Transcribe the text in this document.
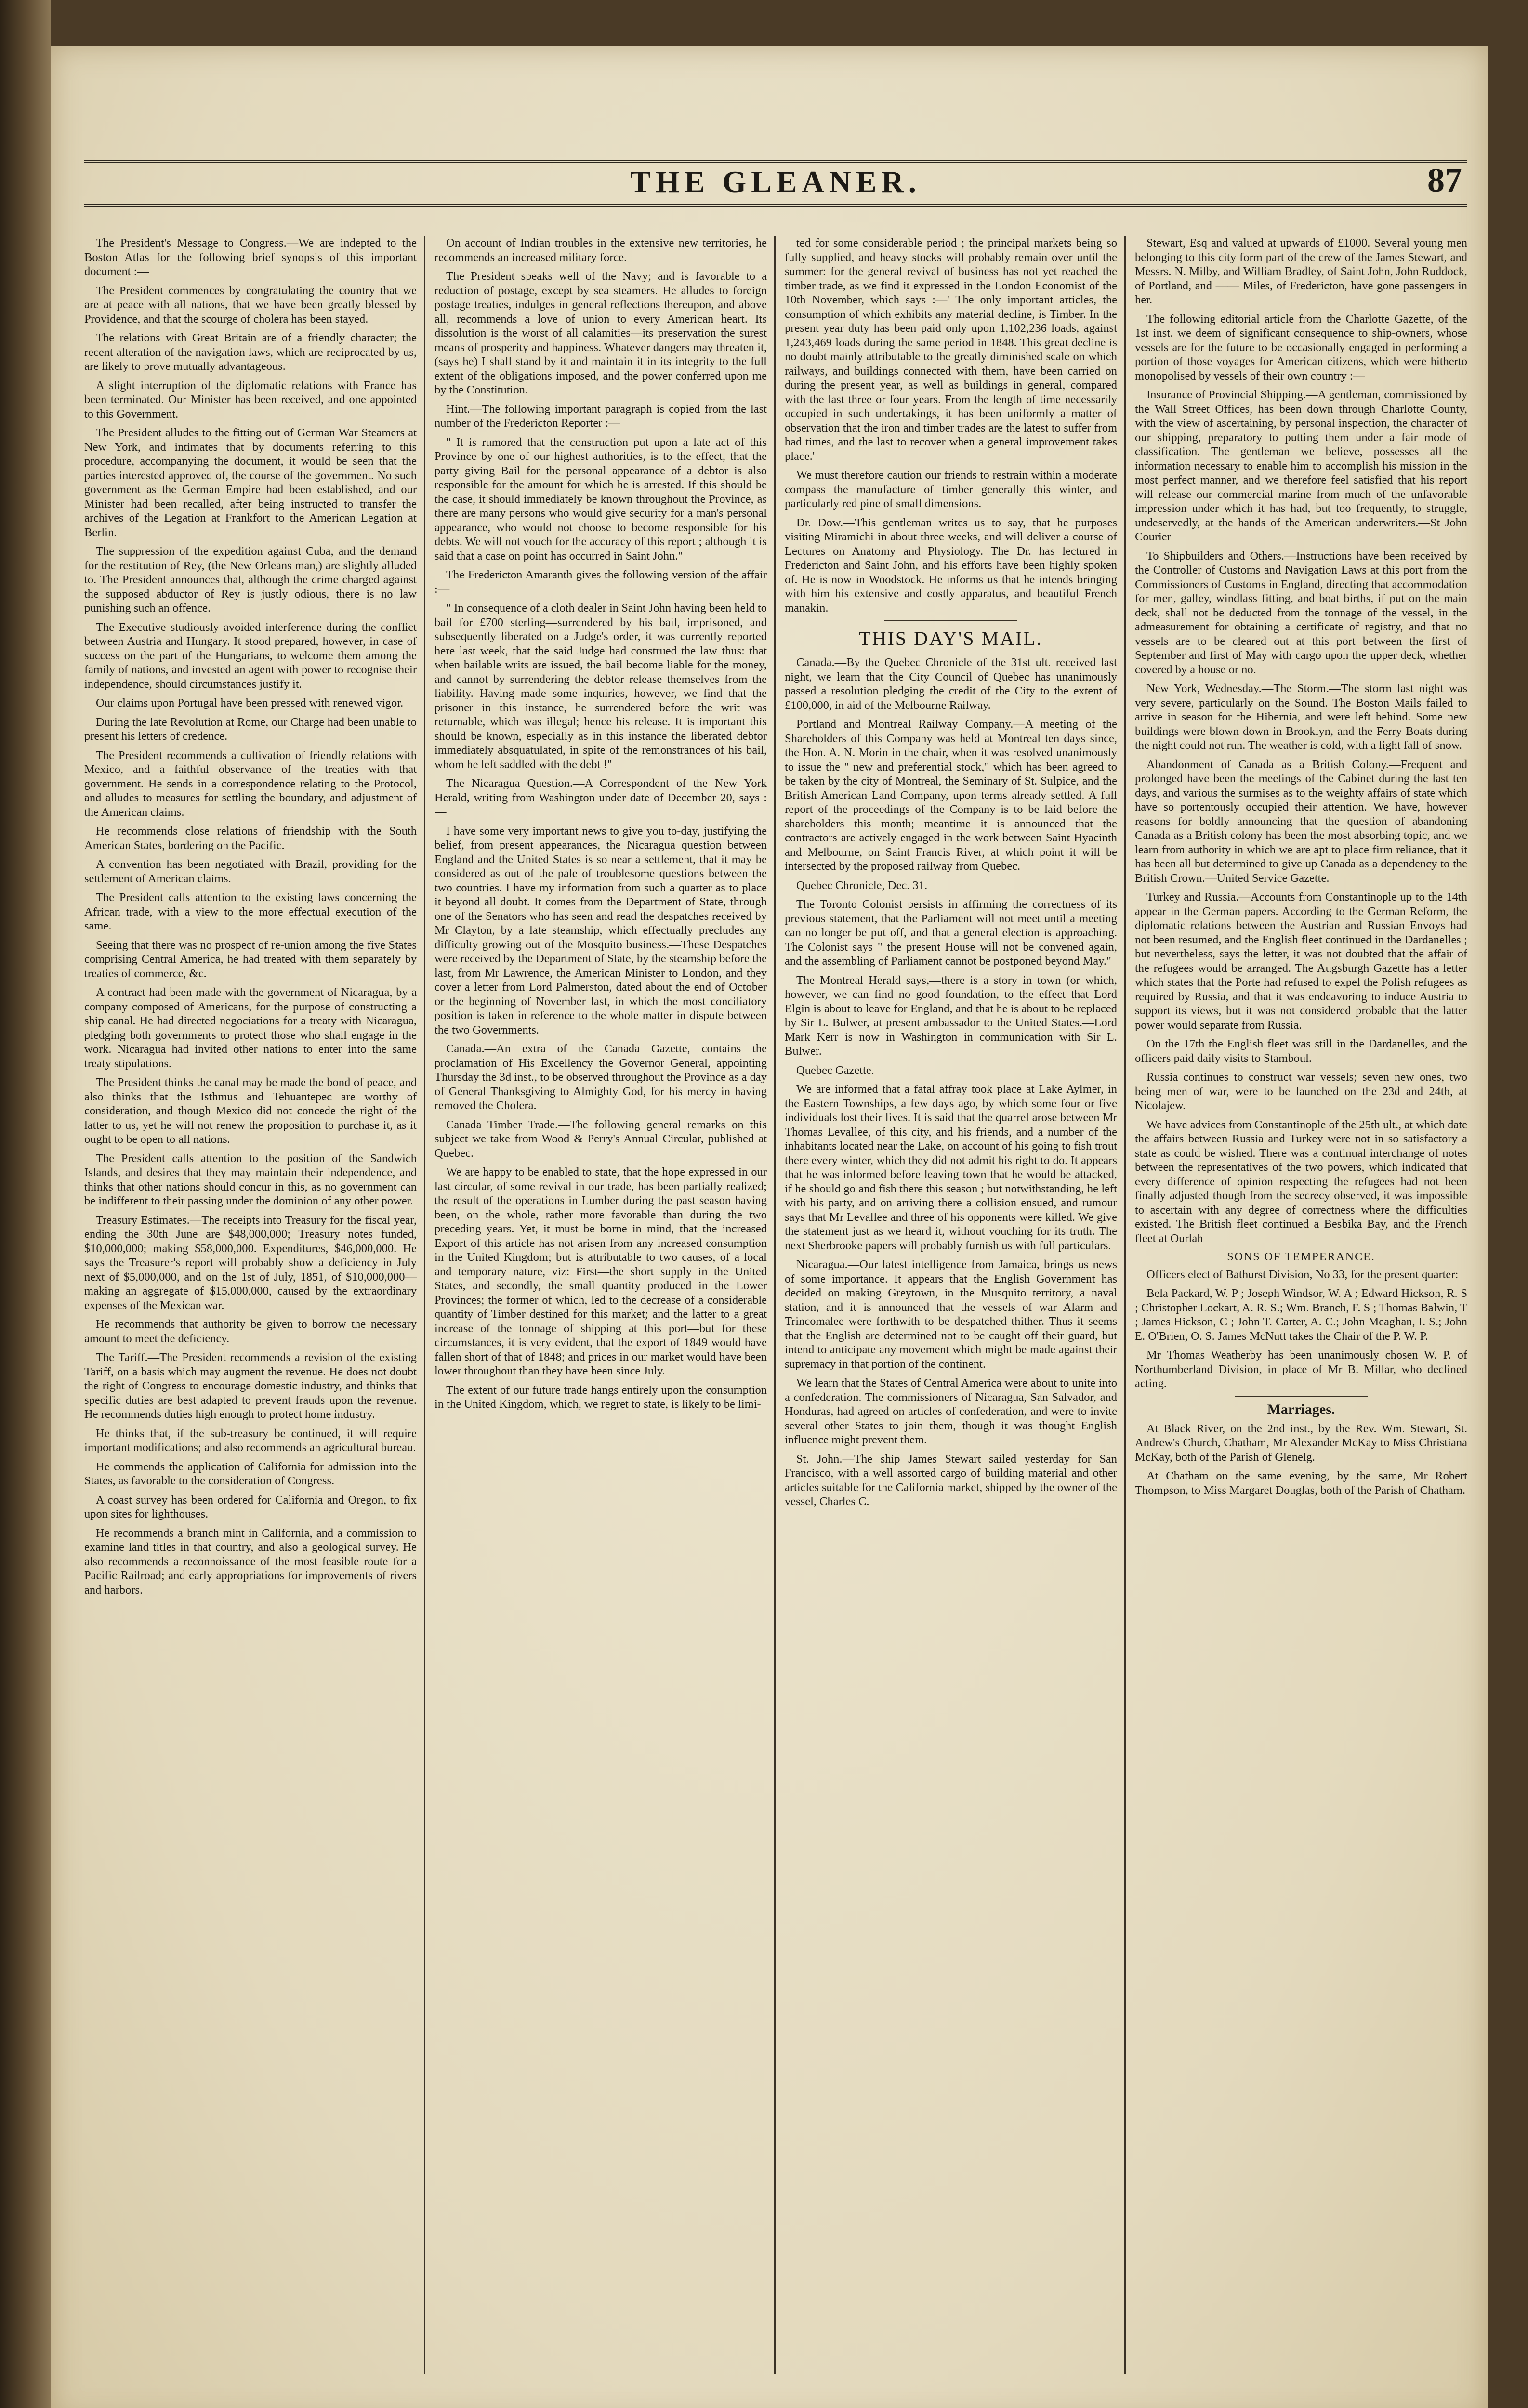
THE GLEANER.	87

The President's Message to Congress.—We are indepted to the Boston Atlas for the following brief synopsis of this important document :—

The President commences by congratulating the country that we are at peace with all nations, that we have been greatly blessed by Providence, and that the scourge of cholera has been stayed.

The relations with Great Britain are of a friendly character; the recent alteration of the navigation laws, which are reciprocated by us, are likely to prove mutually advantageous.

A slight interruption of the diplomatic relations with France has been terminated. Our Minister has been received, and one appointed to this Government.

The President alludes to the fitting out of German War Steamers at New York, and intimates that by documents referring to this procedure, accompanying the document, it would be seen that the parties interested approved of, the course of the government. No such government as the German Empire had been established, and our Minister had been recalled, after being instructed to transfer the archives of the Legation at Frankfort to the American Legation at Berlin.

The suppression of the expedition against Cuba, and the demand for the restitution of Rey, (the New Orleans man,) are slightly alluded to. The President announces that, although the crime charged against the supposed abductor of Rey is justly odious, there is no law punishing such an offence.

The Executive studiously avoided interference during the conflict between Austria and Hungary. It stood prepared, however, in case of success on the part of the Hungarians, to welcome them among the family of nations, and invested an agent with power to recognise their independence, should circumstances justify it.

Our claims upon Portugal have been pressed with renewed vigor.

During the late Revolution at Rome, our Charge had been unable to present his letters of credence.

The President recommends a cultivation of friendly relations with Mexico, and a faithful observance of the treaties with that government. He sends in a correspondence relating to the Protocol, and alludes to measures for settling the boundary, and adjustment of the American claims.

He recommends close relations of friendship with the South American States, bordering on the Pacific.

A convention has been negotiated with Brazil, providing for the settlement of American claims.

The President calls attention to the existing laws concerning the African trade, with a view to the more effectual execution of the same.

Seeing that there was no prospect of re-union among the five States comprising Central America, he had treated with them separately by treaties of commerce, &c.

A contract had been made with the government of Nicaragua, by a company composed of Americans, for the purpose of constructing a ship canal. He had directed negociations for a treaty with Nicaragua, pledging both governments to protect those who shall engage in the work. Nicaragua had invited other nations to enter into the same treaty stipulations.

The President thinks the canal may be made the bond of peace, and also thinks that the Isthmus and Tehuantepec are worthy of consideration, and though Mexico did not concede the right of the latter to us, yet he will not renew the proposition to purchase it, as it ought to be open to all nations.

The President calls attention to the position of the Sandwich Islands, and desires that they may maintain their independence, and thinks that other nations should concur in this, as no government can be indifferent to their passing under the dominion of any other power.

Treasury Estimates.—The receipts into Treasury for the fiscal year, ending the 30th June are $48,000,000; Treasury notes funded, $10,000,000; making $58,000,000. Expenditures, $46,000,000. He says the Treasurer's report will probably show a deficiency in July next of $5,000,000, and on the 1st of July, 1851, of $10,000,000—making an aggregate of $15,000,000, caused by the extraordinary expenses of the Mexican war.

He recommends that authority be given to borrow the necessary amount to meet the deficiency.

The Tariff.—The President recommends a revision of the existing Tariff, on a basis which may augment the revenue. He does not doubt the right of Congress to encourage domestic industry, and thinks that specific duties are best adapted to prevent frauds upon the revenue. He recommends duties high enough to protect home industry.

He thinks that, if the sub-treasury be continued, it will require important modifications; and also recommends an agricultural bureau.

He commends the application of California for admission into the States, as favorable to the consideration of Congress.

A coast survey has been ordered for California and Oregon, to fix upon sites for lighthouses.

He recommends a branch mint in California, and a commission to examine land titles in that country, and also a geological survey. He also recommends a reconnoissance of the most feasible route for a Pacific Railroad; and early appropriations for improvements of rivers and harbors.

On account of Indian troubles in the extensive new territories, he recommends an increased military force.

The President speaks well of the Navy; and is favorable to a reduction of postage, except by sea steamers. He alludes to foreign postage treaties, indulges in general reflections thereupon, and above all, recommends a love of union to every American heart. Its dissolution is the worst of all calamities—its preservation the surest means of prosperity and happiness. Whatever dangers may threaten it, (says he) I shall stand by it and maintain it in its integrity to the full extent of the obligations imposed, and the power conferred upon me by the Constitution.

Hint.—The following important paragraph is copied from the last number of the Fredericton Reporter :—

" It is rumored that the construction put upon a late act of this Province by one of our highest authorities, is to the effect, that the party giving Bail for the personal appearance of a debtor is also responsible for the amount for which he is arrested. If this should be the case, it should immediately be known throughout the Province, as there are many persons who would give security for a man's personal appearance, who would not choose to become responsible for his debts. We will not vouch for the accuracy of this report ; although it is said that a case on point has occurred in Saint John."

The Fredericton Amaranth gives the following version of the affair :—

" In consequence of a cloth dealer in Saint John having been held to bail for £700 sterling—surrendered by his bail, imprisoned, and subsequently liberated on a Judge's order, it was currently reported here last week, that the said Judge had construed the law thus: that when bailable writs are issued, the bail become liable for the money, and cannot by surrendering the debtor release themselves from the liability. Having made some inquiries, however, we find that the prisoner in this instance, he surrendered before the writ was returnable, which was illegal; hence his release. It is important this should be known, especially as in this instance the liberated debtor immediately absquatulated, in spite of the remonstrances of his bail, whom he left saddled with the debt !"

The Nicaragua Question.—A Correspondent of the New York Herald, writing from Washington under date of December 20, says :—

I have some very important news to give you to-day, justifying the belief, from present appearances, the Nicaragua question between England and the United States is so near a settlement, that it may be considered as out of the pale of troublesome questions between the two countries. I have my information from such a quarter as to place it beyond all doubt. It comes from the Department of State, through one of the Senators who has seen and read the despatches received by Mr Clayton, by a late steamship, which effectually precludes any difficulty growing out of the Mosquito business.—These Despatches were received by the Department of State, by the steamship before the last, from Mr Lawrence, the American Minister to London, and they cover a letter from Lord Palmerston, dated about the end of October or the beginning of November last, in which the most conciliatory position is taken in reference to the whole matter in dispute between the two Governments.

Canada.—An extra of the Canada Gazette, contains the proclamation of His Excellency the Governor General, appointing Thursday the 3d inst., to be observed throughout the Province as a day of General Thanksgiving to Almighty God, for his mercy in having removed the Cholera.

Canada Timber Trade.—The following general remarks on this subject we take from Wood & Perry's Annual Circular, published at Quebec.

We are happy to be enabled to state, that the hope expressed in our last circular, of some revival in our trade, has been partially realized; the result of the operations in Lumber during the past season having been, on the whole, rather more favorable than during the two preceding years. Yet, it must be borne in mind, that the increased Export of this article has not arisen from any increased consumption in the United Kingdom; but is attributable to two causes, of a local and temporary nature, viz: First—the short supply in the United States, and secondly, the small quantity produced in the Lower Provinces; the former of which, led to the decrease of a considerable quantity of Timber destined for this market; and the latter to a great increase of the tonnage of shipping at this port—but for these circumstances, it is very evident, that the export of 1849 would have fallen short of that of 1848; and prices in our market would have been lower throughout than they have been since July.

The extent of our future trade hangs entirely upon the consumption in the United Kingdom, which, we regret to state, is likely to be limi-

ted for some considerable period ; the principal markets being so fully supplied, and heavy stocks will probably remain over until the summer: for the general revival of business has not yet reached the timber trade, as we find it expressed in the London Economist of the 10th November, which says :—' The only important articles, the consumption of which exhibits any material decline, is Timber. In the present year duty has been paid only upon 1,102,236 loads, against 1,243,469 loads during the same period in 1848. This great decline is no doubt mainly attributable to the greatly diminished scale on which railways, and buildings connected with them, have been carried on during the present year, as well as buildings in general, compared with the last three or four years. From the length of time necessarily occupied in such undertakings, it has been uniformly a matter of observation that the iron and timber trades are the latest to suffer from bad times, and the last to recover when a general improvement takes place.'

We must therefore caution our friends to restrain within a moderate compass the manufacture of timber generally this winter, and particularly red pine of small dimensions.

Dr. Dow.—This gentleman writes us to say, that he purposes visiting Miramichi in about three weeks, and will deliver a course of Lectures on Anatomy and Physiology. The Dr. has lectured in Fredericton and Saint John, and his efforts have been highly spoken of. He is now in Woodstock. He informs us that he intends bringing with him his extensive and costly apparatus, and beautiful French manakin.

THIS DAY'S MAIL.

Canada.—By the Quebec Chronicle of the 31st ult. received last night, we learn that the City Council of Quebec has unanimously passed a resolution pledging the credit of the City to the extent of £100,000, in aid of the Melbourne Railway.

Portland and Montreal Railway Company.—A meeting of the Shareholders of this Company was held at Montreal ten days since, the Hon. A. N. Morin in the chair, when it was resolved unanimously to issue the " new and preferential stock," which has been agreed to be taken by the city of Montreal, the Seminary of St. Sulpice, and the British American Land Company, upon terms already settled. A full report of the proceedings of the Company is to be laid before the shareholders this month; meantime it is announced that the contractors are actively engaged in the work between Saint Hyacinth and Melbourne, on Saint Francis River, at which point it will be intersected by the proposed railway from Quebec.

Quebec Chronicle, Dec. 31.

The Toronto Colonist persists in affirming the correctness of its previous statement, that the Parliament will not meet until a meeting can no longer be put off, and that a general election is approaching. The Colonist says " the present House will not be convened again, and the assembling of Parliament cannot be postponed beyond May."

The Montreal Herald says,—there is a story in town (or which, however, we can find no good foundation, to the effect that Lord Elgin is about to leave for England, and that he is about to be replaced by Sir L. Bulwer, at present ambassador to the United States.—Lord Mark Kerr is now in Washington in communication with Sir L. Bulwer.

Quebec Gazette.

We are informed that a fatal affray took place at Lake Aylmer, in the Eastern Townships, a few days ago, by which some four or five individuals lost their lives. It is said that the quarrel arose between Mr Thomas Levallee, of this city, and his friends, and a number of the inhabitants located near the Lake, on account of his going to fish trout there every winter, which they did not admit his right to do. It appears that he was informed before leaving town that he would be attacked, if he should go and fish there this season ; but notwithstanding, he left with his party, and on arriving there a collision ensued, and rumour says that Mr Levallee and three of his opponents were killed. We give the statement just as we heard it, without vouching for its truth. The next Sherbrooke papers will probably furnish us with full particulars.

Nicaragua.—Our latest intelligence from Jamaica, brings us news of some importance. It appears that the English Government has decided on making Greytown, in the Musquito territory, a naval station, and it is announced that the vessels of war Alarm and Trincomalee were forthwith to be despatched thither. Thus it seems that the English are determined not to be caught off their guard, but intend to anticipate any movement which might be made against their supremacy in that portion of the continent.

We learn that the States of Central America were about to unite into a confederation. The commissioners of Nicaragua, San Salvador, and Honduras, had agreed on articles of confederation, and were to invite several other States to join them, though it was thought English influence might prevent them.

St. John.—The ship James Stewart sailed yesterday for San Francisco, with a well assorted cargo of building material and other articles suitable for the California market, shipped by the owner of the vessel, Charles C.

Stewart, Esq and valued at upwards of £1000. Several young men belonging to this city form part of the crew of the James Stewart, and Messrs. N. Milby, and William Bradley, of Saint John, John Ruddock, of Portland, and —— Miles, of Fredericton, have gone passengers in her.

The following editorial article from the Charlotte Gazette, of the 1st inst. we deem of significant consequence to ship-owners, whose vessels are for the future to be occasionally engaged in performing a portion of those voyages for American citizens, which were hitherto monopolised by vessels of their own country :—

Insurance of Provincial Shipping.—A gentleman, commissioned by the Wall Street Offices, has been down through Charlotte County, with the view of ascertaining, by personal inspection, the character of our shipping, preparatory to putting them under a fair mode of classification. The gentleman we believe, possesses all the information necessary to enable him to accomplish his mission in the most perfect manner, and we therefore feel satisfied that his report will release our commercial marine from much of the unfavorable impression under which it has had, but too frequently, to struggle, undeservedly, at the hands of the American underwriters.—St John Courier

To Shipbuilders and Others.—Instructions have been received by the Controller of Customs and Navigation Laws at this port from the Commissioners of Customs in England, directing that accommodation for men, galley, windlass fitting, and boat births, if put on the main deck, shall not be deducted from the tonnage of the vessel, in the admeasurement for obtaining a certificate of registry, and that no vessels are to be cleared out at this port between the first of September and first of May with cargo upon the upper deck, whether covered by a house or no.

New York, Wednesday.—The Storm.—The storm last night was very severe, particularly on the Sound. The Boston Mails failed to arrive in season for the Hibernia, and were left behind. Some new buildings were blown down in Brooklyn, and the Ferry Boats during the night could not run. The weather is cold, with a light fall of snow.

Abandonment of Canada as a British Colony.—Frequent and prolonged have been the meetings of the Cabinet during the last ten days, and various the surmises as to the weighty affairs of state which have so portentously occupied their attention. We have, however reasons for boldly announcing that the question of abandoning Canada as a British colony has been the most absorbing topic, and we learn from authority in which we are apt to place firm reliance, that it has been all but determined to give up Canada as a dependency to the British Crown.—United Service Gazette.

Turkey and Russia.—Accounts from Constantinople up to the 14th appear in the German papers. According to the German Reform, the diplomatic relations between the Austrian and Russian Envoys had not been resumed, and the English fleet continued in the Dardanelles ; but nevertheless, says the letter, it was not doubted that the affair of the refugees would be arranged. The Augsburgh Gazette has a letter which states that the Porte had refused to expel the Polish refugees as required by Russia, and that it was endeavoring to induce Austria to support its views, but it was not considered probable that the latter power would separate from Russia.

On the 17th the English fleet was still in the Dardanelles, and the officers paid daily visits to Stamboul.

Russia continues to construct war vessels; seven new ones, two being men of war, were to be launched on the 23d and 24th, at Nicolajew.

We have advices from Constantinople of the 25th ult., at which date the affairs between Russia and Turkey were not in so satisfactory a state as could be wished. There was a continual interchange of notes between the representatives of the two powers, which indicated that every difference of opinion respecting the refugees had not been finally adjusted though from the secrecy observed, it was impossible to ascertain with any degree of correctness where the difficulties existed. The British fleet continued a Besbika Bay, and the French fleet at Ourlah

SONS OF TEMPERANCE.

Officers elect of Bathurst Division, No 33, for the present quarter:

Bela Packard, W. P ; Joseph Windsor, W. A ; Edward Hickson, R. S ; Christopher Lockart, A. R. S.; Wm. Branch, F. S ; Thomas Balwin, T ; James Hickson, C ; John T. Carter, A. C.; John Meaghan, I. S.; John E. O'Brien, O. S. James McNutt takes the Chair of the P. W. P.

Mr Thomas Weatherby has been unanimously chosen W. P. of Northumberland Division, in place of Mr B. Millar, who declined acting.

Marriages.

At Black River, on the 2nd inst., by the Rev. Wm. Stewart, St. Andrew's Church, Chatham, Mr Alexander McKay to Miss Christiana McKay, both of the Parish of Glenelg.

At Chatham on the same evening, by the same, Mr Robert Thompson, to Miss Margaret Douglas, both of the Parish of Chatham.
